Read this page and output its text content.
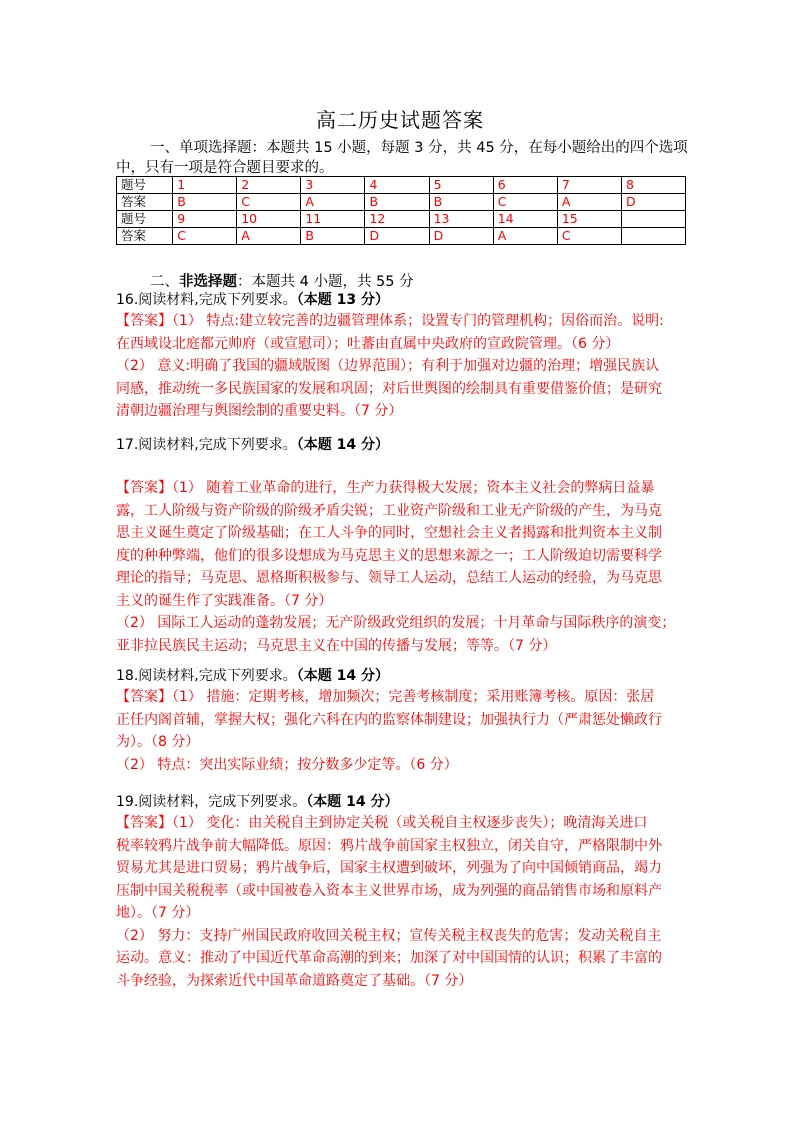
高二历史试题答案
一、单项选择题：本题共 15 小题，每题 3 分，共 45 分，在每小题给出的四个选项
中，只有一项是符合题目要求的。
题号	1	2	3	4	5	6	7	8
答案	B	C	A	B	B	C	A	D
题号	9	10	11	12	13	14	15	
答案	C	A	B	D	D	A	C	
二、非选择题：本题共 4 小题，共 55 分
16.阅读材料,完成下列要求。（本题 13 分）
【答案】（1） 特点:建立较完善的边疆管理体系；设置专门的管理机构；因俗而治。说明:
在西域设北庭都元帅府（或宣慰司）；吐蕃由直属中央政府的宣政院管理。（6 分）
（2） 意义:明确了我国的疆域版图（边界范围）；有利于加强对边疆的治理；增强民族认
同感，推动统一多民族国家的发展和巩固；对后世舆图的绘制具有重要借鉴价值；是研究
清朝边疆治理与舆图绘制的重要史料。（7 分）
17.阅读材料,完成下列要求。（本题 14 分）
【答案】（1） 随着工业革命的进行，生产力获得极大发展；资本主义社会的弊病日益暴
露，工人阶级与资产阶级的阶级矛盾尖锐；工业资产阶级和工业无产阶级的产生，为马克
思主义诞生奠定了阶级基础；在工人斗争的同时，空想社会主义者揭露和批判资本主义制
度的种种弊端，他们的很多设想成为马克思主义的思想来源之一；工人阶级迫切需要科学
理论的指导；马克思、恩格斯积极参与、领导工人运动，总结工人运动的经验，为马克思
主义的诞生作了实践准备。（7 分）
（2） 国际工人运动的蓬勃发展；无产阶级政党组织的发展；十月革命与国际秩序的演变；
亚非拉民族民主运动；马克思主义在中国的传播与发展；等等。（7 分）
18.阅读材料,完成下列要求。（本题 14 分）
【答案】（1） 措施：定期考核，增加频次；完善考核制度；采用账簿考核。原因：张居
正任内阁首辅，掌握大权；强化六科在内的监察体制建设；加强执行力（严肃惩处懒政行
为）。（8 分）
（2） 特点：突出实际业绩；按分数多少定等。（6 分）
19.阅读材料，完成下列要求。（本题 14 分）
【答案】（1） 变化：由关税自主到协定关税（或关税自主权逐步丧失）；晚清海关进口
税率较鸦片战争前大幅降低。原因：鸦片战争前国家主权独立，闭关自守，严格限制中外
贸易尤其是进口贸易；鸦片战争后，国家主权遭到破坏，列强为了向中国倾销商品，竭力
压制中国关税税率（或中国被卷入资本主义世界市场，成为列强的商品销售市场和原料产
地）。（7 分）
（2） 努力：支持广州国民政府收回关税主权；宣传关税主权丧失的危害；发动关税自主
运动。意义：推动了中国近代革命高潮的到来；加深了对中国国情的认识；积累了丰富的
斗争经验，为探索近代中国革命道路奠定了基础。（7 分）
